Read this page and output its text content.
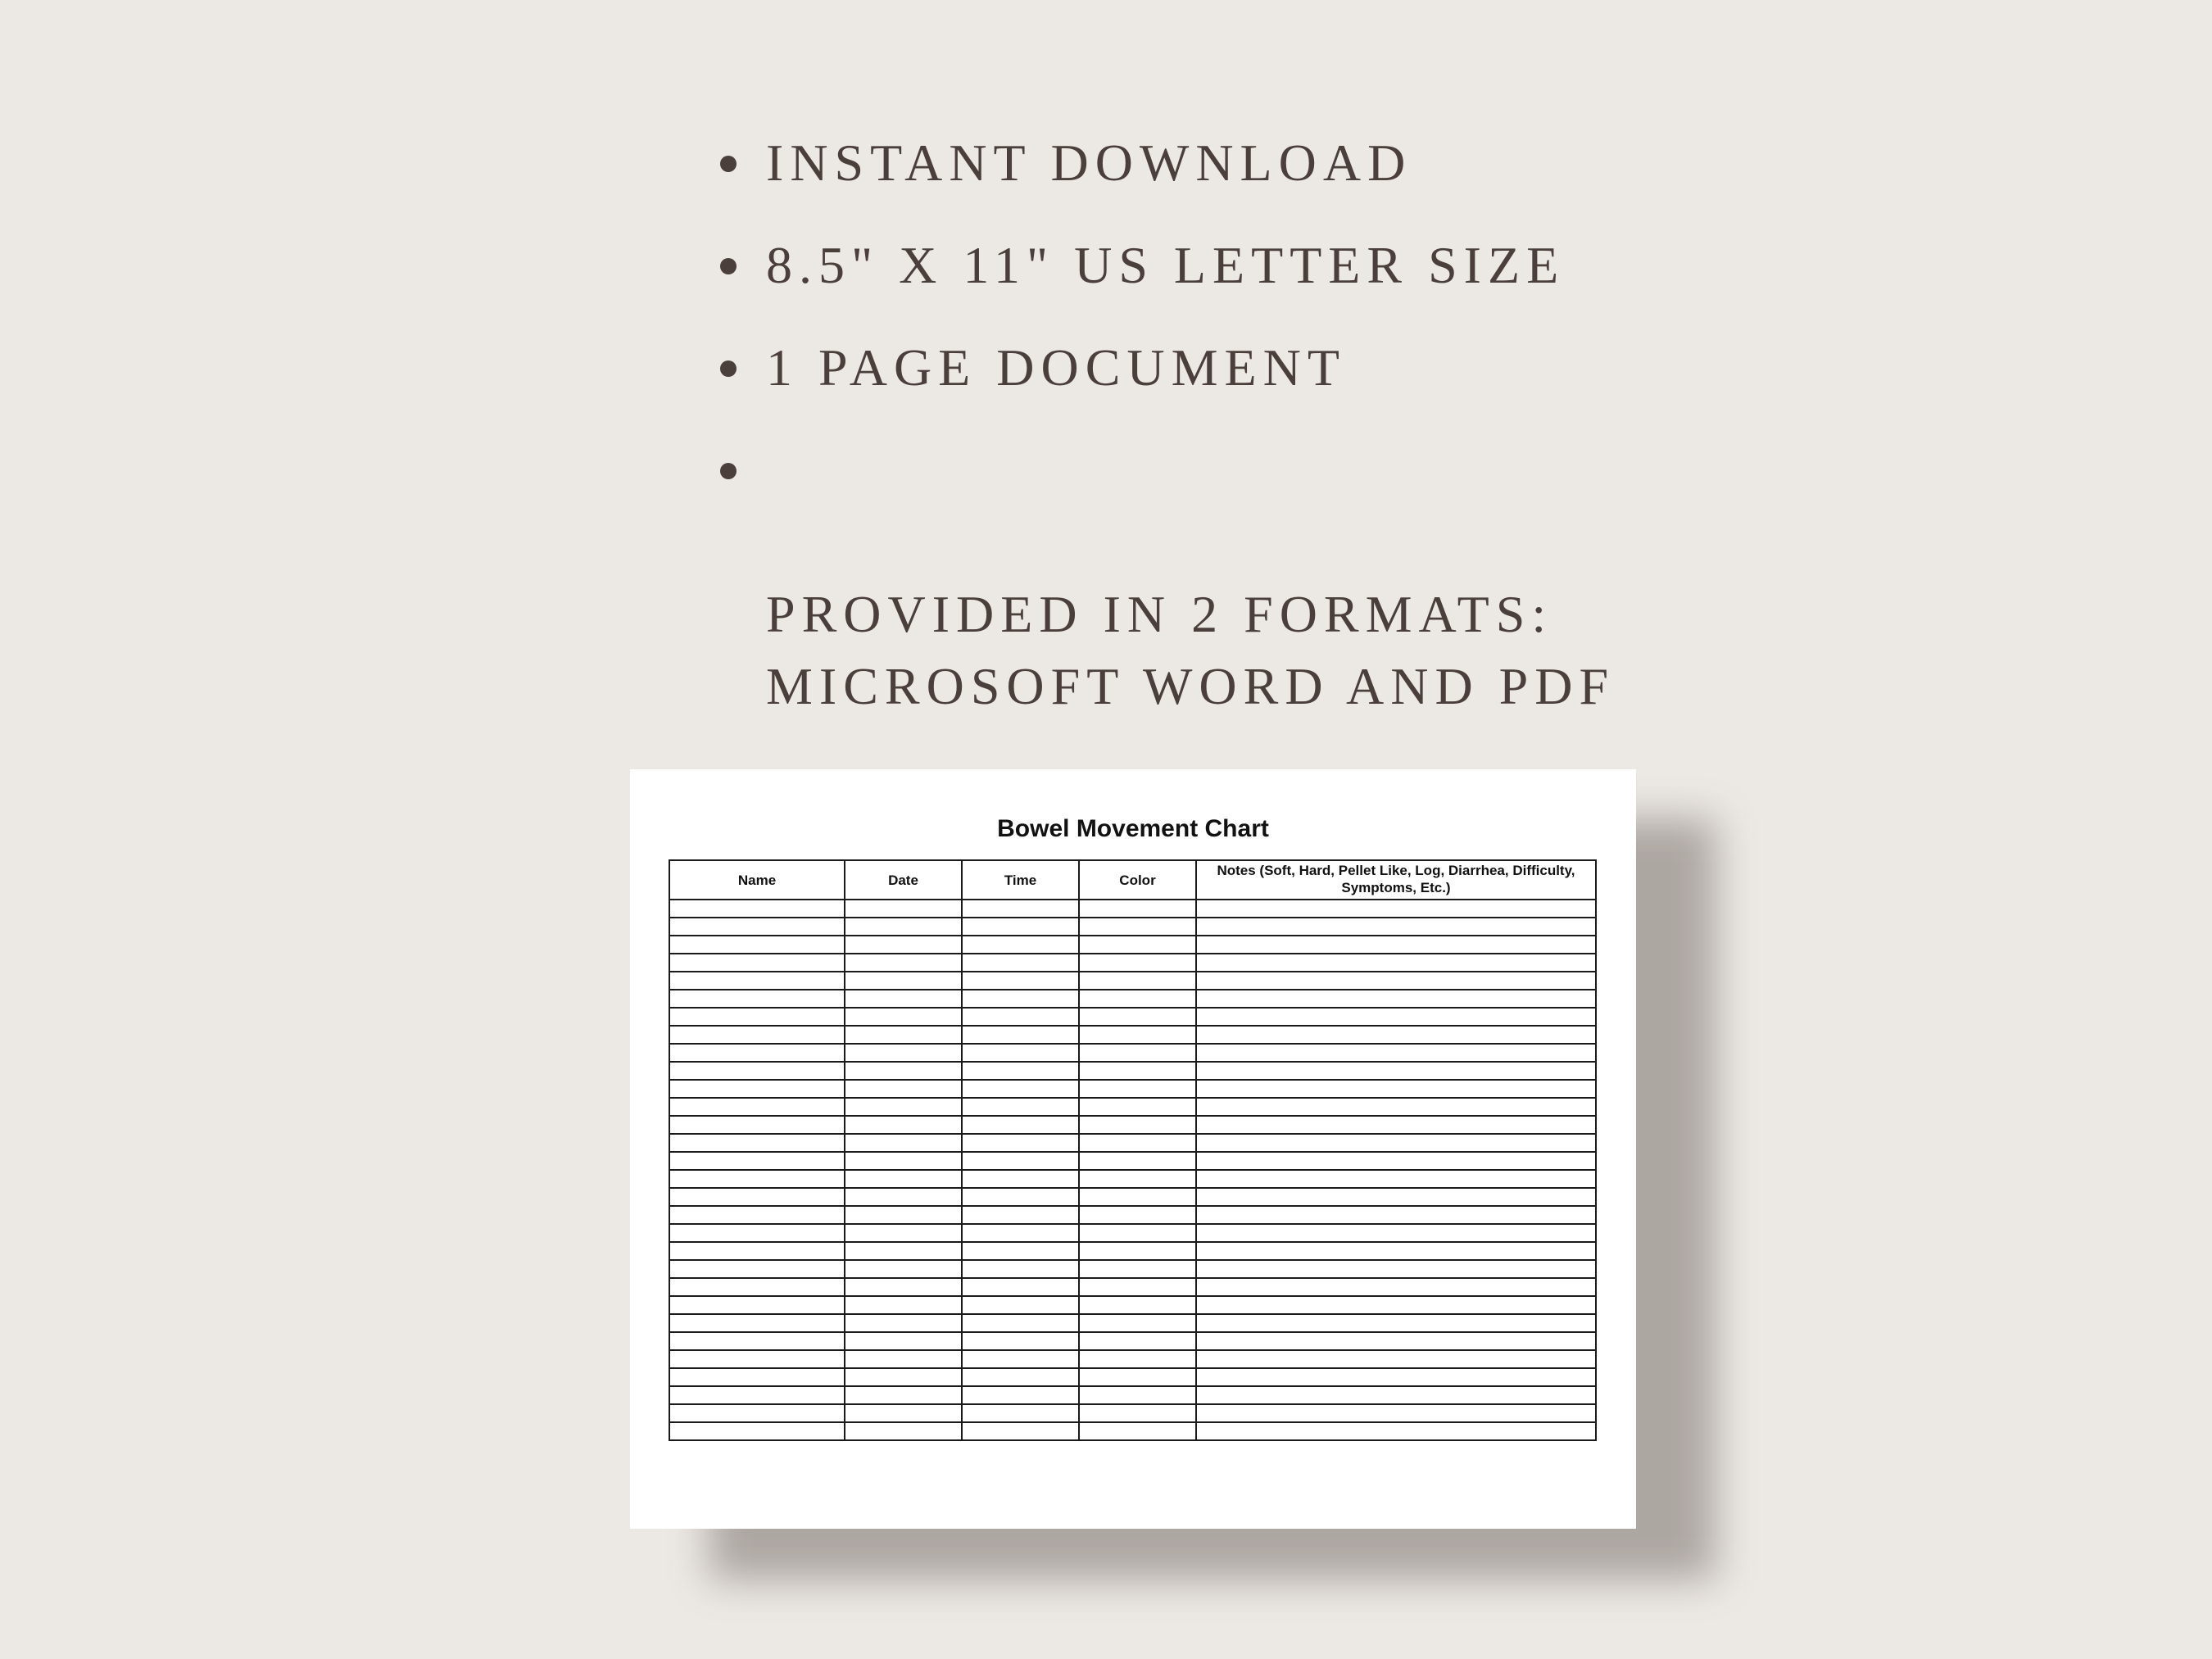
INSTANT DOWNLOAD
8.5" X 11" US LETTER SIZE
1 PAGE DOCUMENT

PROVIDED IN 2 FORMATS:
MICROSOFT WORD AND PDF

Bowel Movement Chart
Name	Date	Time	Color	Notes (Soft, Hard, Pellet Like, Log, Diarrhea, Difficulty, Symptoms, Etc.)
